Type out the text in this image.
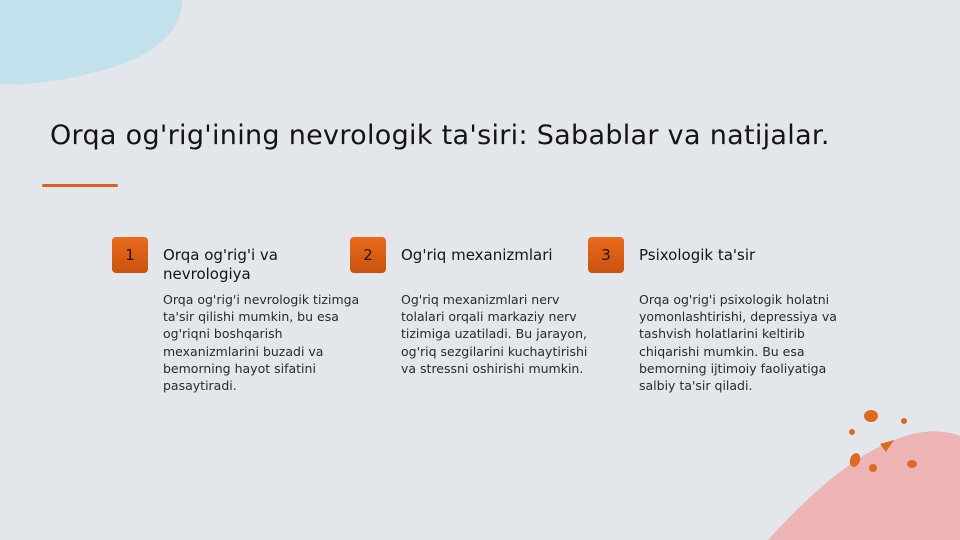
Orqa og'rig'ining nevrologik ta'siri: Sabablar va natijalar.
1	Orqa og'rig'i va nevrologiya

Orqa og'rig'i nevrologik tizimga ta'sir qilishi mumkin, bu esa og'riqni boshqarish mexanizmlarini buzadi va bemorning hayot sifatini pasaytiradi.

2	Og'riq mexanizmlari

Og'riq mexanizmlari nerv tolalari orqali markaziy nerv tizimiga uzatiladi. Bu jarayon, og'riq sezgilarini kuchaytirishi va stressni oshirishi mumkin.

3	Psixologik ta'sir

Orqa og'rig'i psixologik holatni yomonlashtirishi, depressiya va tashvish holatlarini keltirib chiqarishi mumkin. Bu esa bemorning ijtimoiy faoliyatiga salbiy ta'sir qiladi.
